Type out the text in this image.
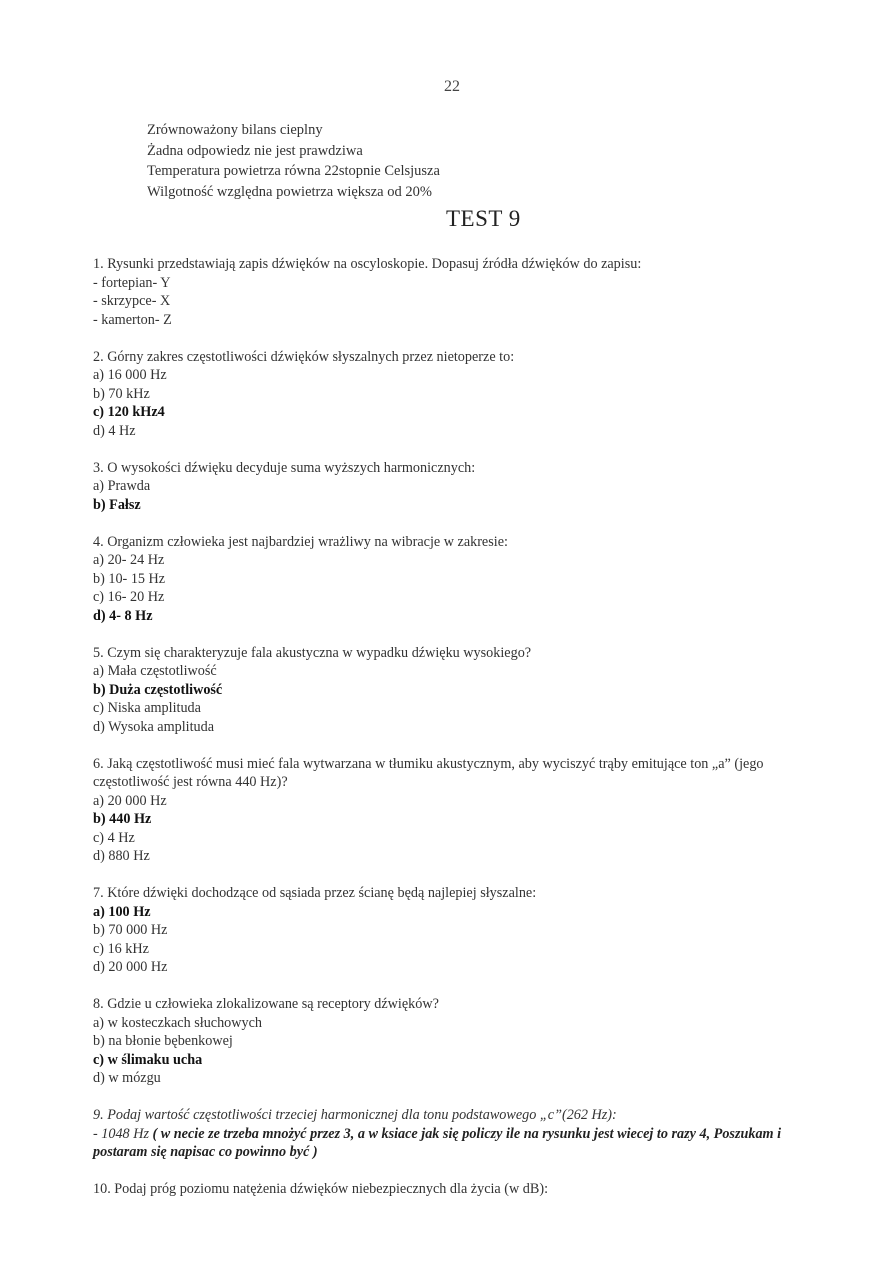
22
Zrównoważony bilans cieplny
Żadna odpowiedz nie jest prawdziwa
Temperatura powietrza równa 22stopnie Celsjusza
Wilgotność względna powietrza większa od 20%
TEST 9
1. Rysunki przedstawiają zapis dźwięków na oscyloskopie. Dopasuj źródła dźwięków do zapisu:
- fortepian- Y
- skrzypce- X
- kamerton- Z
2. Górny zakres częstotliwości dźwięków słyszalnych przez nietoperze to:
a) 16 000 Hz
b) 70 kHz
c) 120 kHz4
d) 4 Hz
3. O wysokości dźwięku decyduje suma wyższych harmonicznych:
a) Prawda
b) Fałsz
4. Organizm człowieka jest najbardziej wrażliwy na wibracje w zakresie:
a) 20- 24 Hz
b) 10- 15 Hz
c) 16- 20 Hz
d) 4- 8 Hz
5. Czym się charakteryzuje fala akustyczna w wypadku dźwięku wysokiego?
a) Mała częstotliwość
b) Duża częstotliwość
c) Niska amplituda
d) Wysoka amplituda
6. Jaką częstotliwość musi mieć fala wytwarzana w tłumiku akustycznym, aby wyciszyć trąby emitujące ton „a” (jego częstotliwość jest równa 440 Hz)?
a) 20 000 Hz
b) 440 Hz
c) 4 Hz
d) 880 Hz
7. Które dźwięki dochodzące od sąsiada przez ścianę będą najlepiej słyszalne:
a) 100 Hz
b) 70 000 Hz
c) 16 kHz
d) 20 000 Hz
8. Gdzie u człowieka zlokalizowane są receptory dźwięków?
a) w kosteczkach słuchowych
b) na błonie bębenkowej
c) w ślimaku ucha
d) w mózgu
9. Podaj wartość częstotliwości trzeciej harmonicznej dla tonu podstawowego „c”(262 Hz):
- 1048 Hz ( w necie ze trzeba mnożyć przez 3, a w ksiace jak się policzy ile na rysunku jest wiecej to razy 4, Poszukam i postaram się napisac co powinno być )
10. Podaj próg poziomu natężenia dźwięków niebezpiecznych dla życia (w dB):
